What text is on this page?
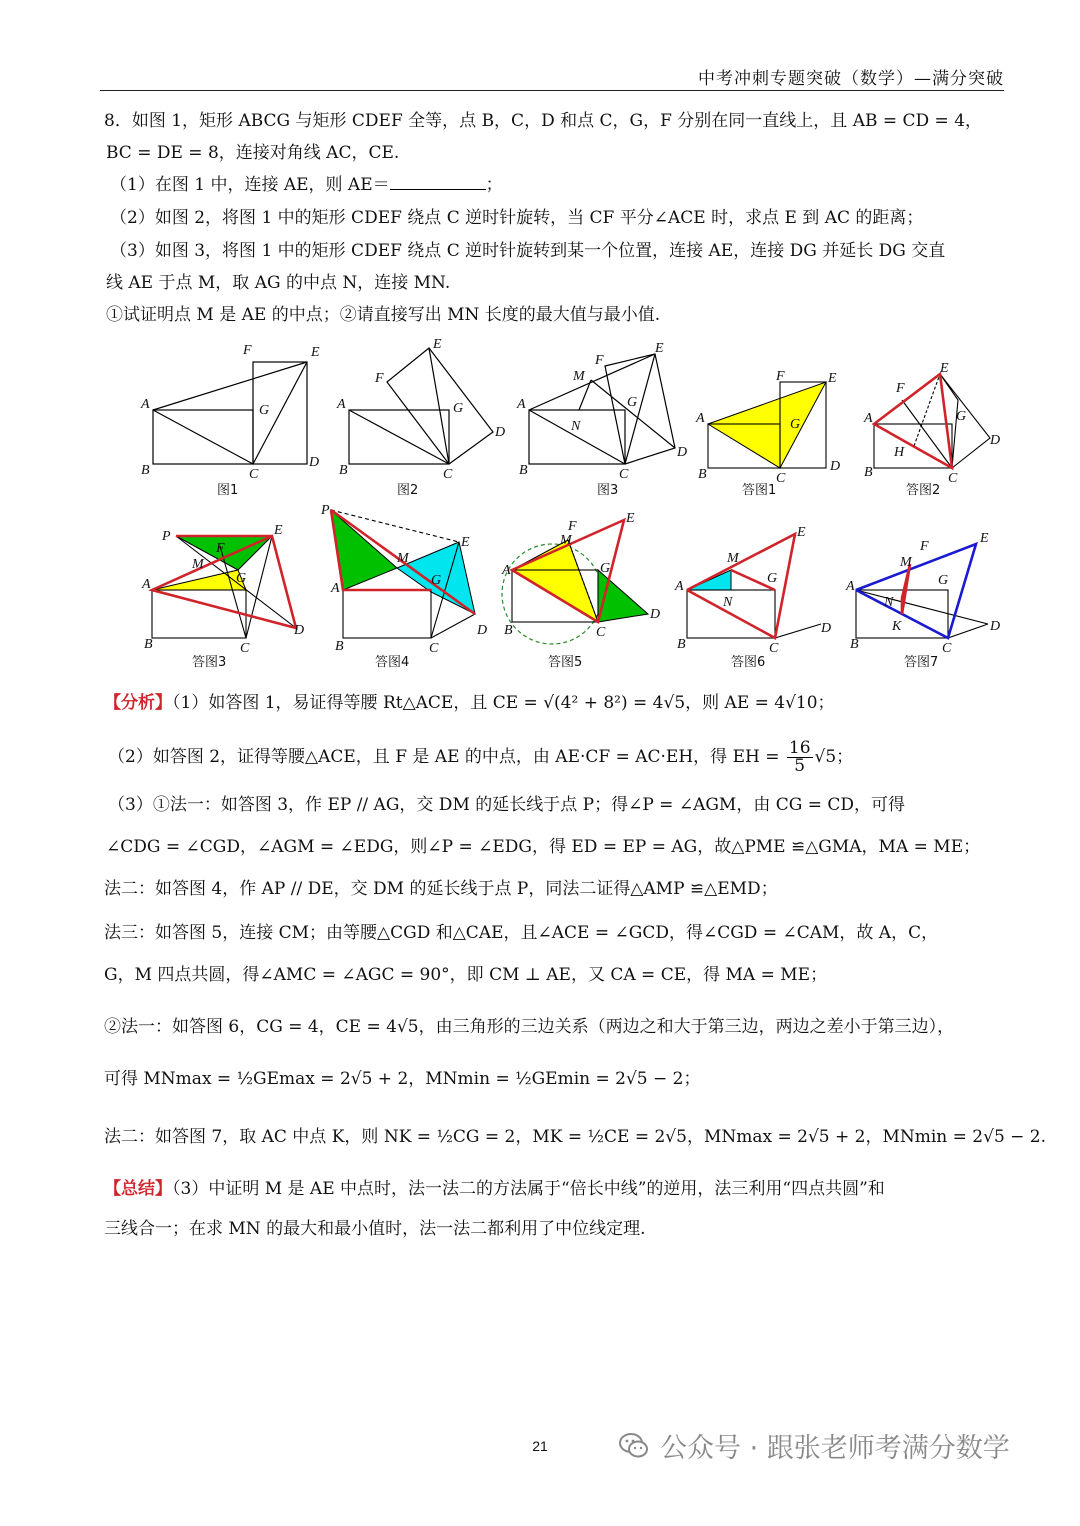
中考冲刺专题突破（数学）—满分突破
8．如图 1，矩形 ABCG 与矩形 CDEF 全等，点 B，C，D 和点 C，G，F 分别在同一直线上，且 AB = CD = 4，
BC = DE = 8，连接对角线 AC，CE.
（1）在图 1 中，连接 AE，则 AE＝	；
（2）如图 2，将图 1 中的矩形 CDEF 绕点 C 逆时针旋转，当 CF 平分∠ACE 时，求点 E 到 AC 的距离；
（3）如图 3，将图 1 中的矩形 CDEF 绕点 C 逆时针旋转到某一个位置，连接 AE，连接 DG 并延长 DG 交直
线 AE 于点 M，取 AG 的中点 N，连接 MN.
①试证明点 M 是 AE 的中点；②请直接写出 MN 长度的最大值与最小值.
A
B	C
D
E
F
G
图1
A
B	C
D
E
F
G
图2
A
B	C
D
E
F
G
M
N
图3
A
B	C
D
E
F
G
答图1
A
B	C
D
E
F
G
H
答图2
P
A
B	C
D
E
F
G
M
答图3
P
A
B	C
D
E
M
G
答图4
A
B	C
D
E
F
G
M
答图5
A
B	C
D
E
M
G
N
答图6
A
B	C
D
E
F
M
G
N
K
答图7
【分析】（1）如答图 1，易证得等腰 Rt△ACE，且 CE = √(4² + 8²) = 4√5，则 AE = 4√10；
（2）如答图 2，证得等腰△ACE，且 F 是 AE 的中点，由 AE·CF = AC·EH，得 EH = $\frac{16}{5} √5$；
（3）①法一：如答图 3，作 EP // AG，交 DM 的延长线于点 P；得∠P = ∠AGM，由 CG = CD，可得
∠CDG = ∠CGD，∠AGM = ∠EDG，则∠P = ∠EDG，得 ED = EP = AG，故△PME ≌△GMA，MA = ME；
法二：如答图 4，作 AP // DE，交 DM 的延长线于点 P，同法二证得△AMP ≌△EMD；
法三：如答图 5，连接 CM；由等腰△CGD 和△CAE，且∠ACE = ∠GCD，得∠CGD = ∠CAM，故 A，C，
G，M 四点共圆，得∠AMC = ∠AGC = 90°，即 CM ⊥ AE，又 CA = CE，得 MA = ME；
②法一：如答图 6，CG = 4，CE = 4√5，由三角形的三边关系（两边之和大于第三边，两边之差小于第三边），
可得 MNmax = ½GEmax = 2√5 + 2，MNmin = ½GEmin = 2√5 − 2；
法二：如答图 7，取 AC 中点 K，则 NK = ½CG = 2，MK = ½CE = 2√5，MNmax = 2√5 + 2，MNmin = 2√5 − 2.
【总结】（3）中证明 M 是 AE 中点时，法一法二的方法属于“倍长中线”的逆用，法三利用“四点共圆”和
三线合一；在求 MN 的最大和最小值时，法一法二都利用了中位线定理.
21	公众号 · 跟张老师考满分数学
